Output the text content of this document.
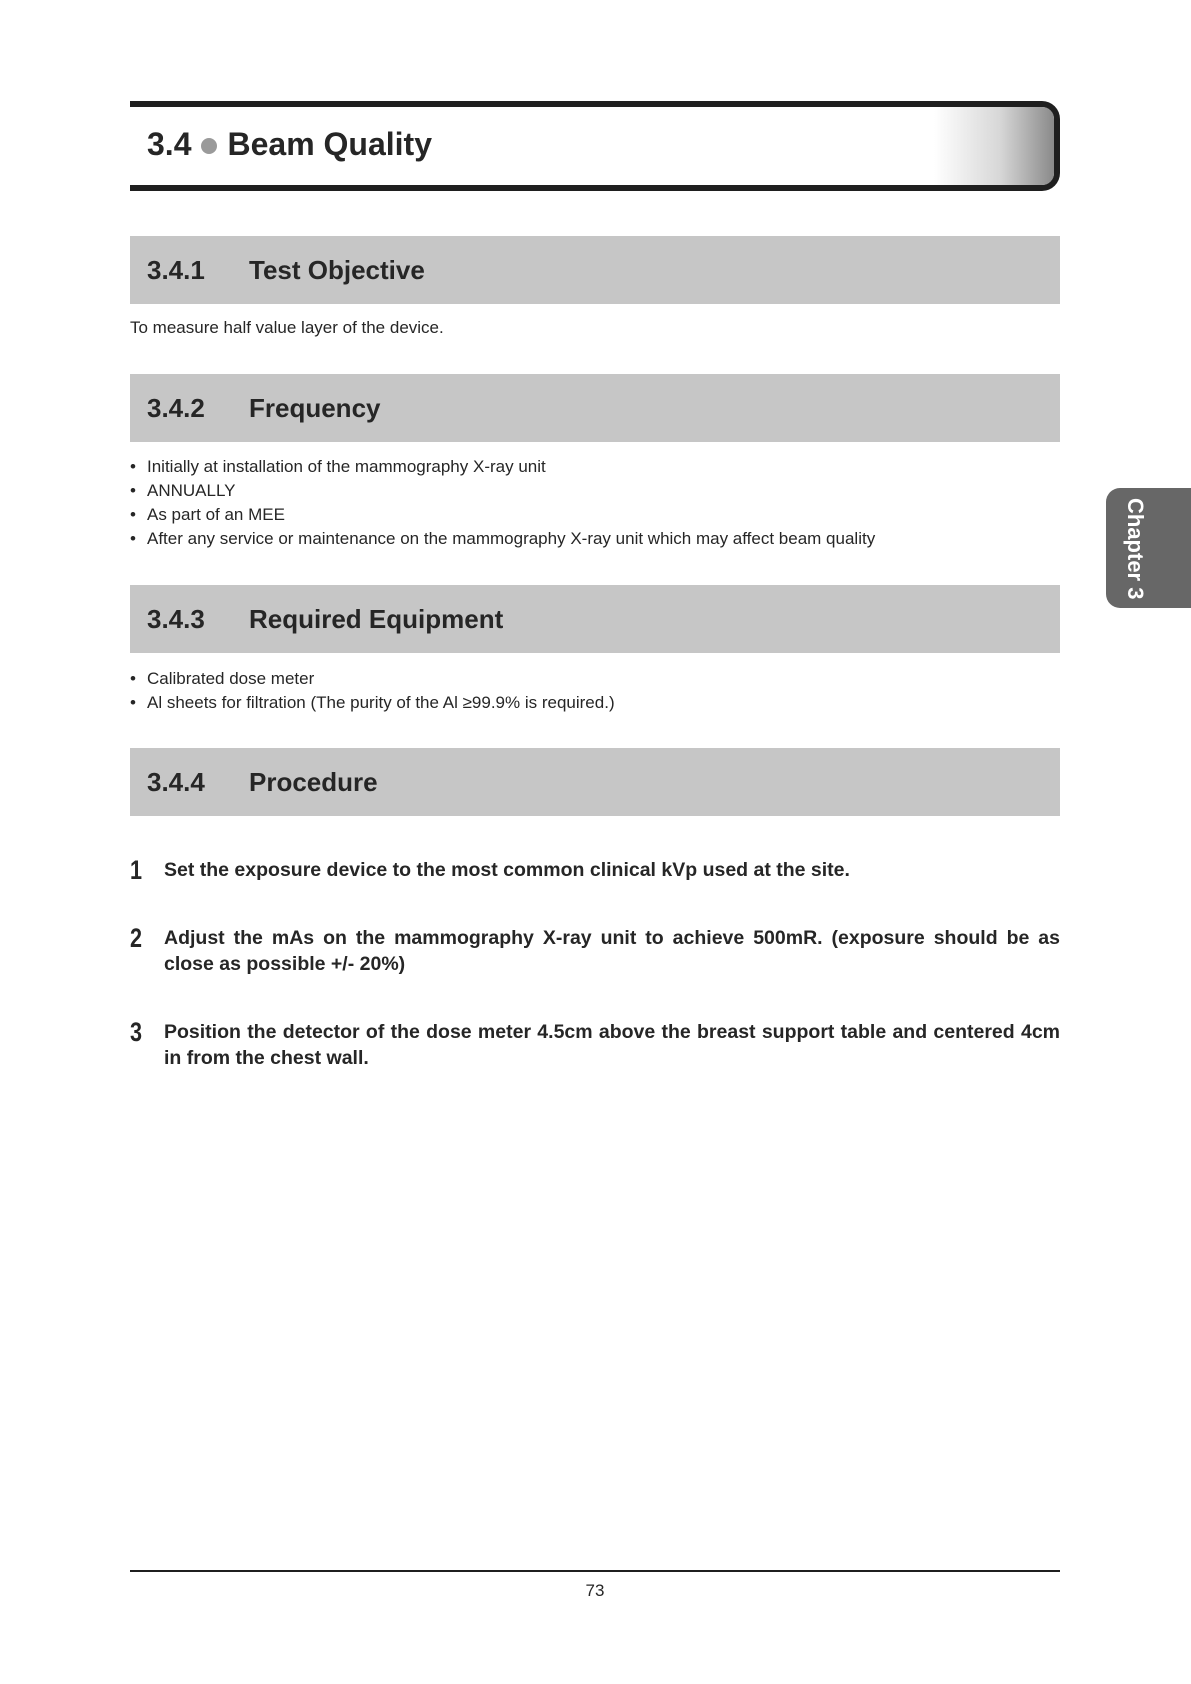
3.4 Beam Quality
3.4.1	Test Objective
To measure half value layer of the device.
3.4.2	Frequency
• Initially at installation of the mammography X-ray unit
• ANNUALLY
• As part of an MEE
• After any service or maintenance on the mammography X-ray unit which may affect beam quality
3.4.3	Required Equipment
• Calibrated dose meter
• Al sheets for filtration (The purity of the Al ≥99.9% is required.)
3.4.4	Procedure
1	Set the exposure device to the most common clinical kVp used at the site.
2	Adjust the mAs on the mammography X-ray unit to achieve 500mR. (exposure should be as close as possible +/- 20%)
3	Position the detector of the dose meter 4.5cm above the breast support table and centered 4cm in from the chest wall.
Chapter 3
73
